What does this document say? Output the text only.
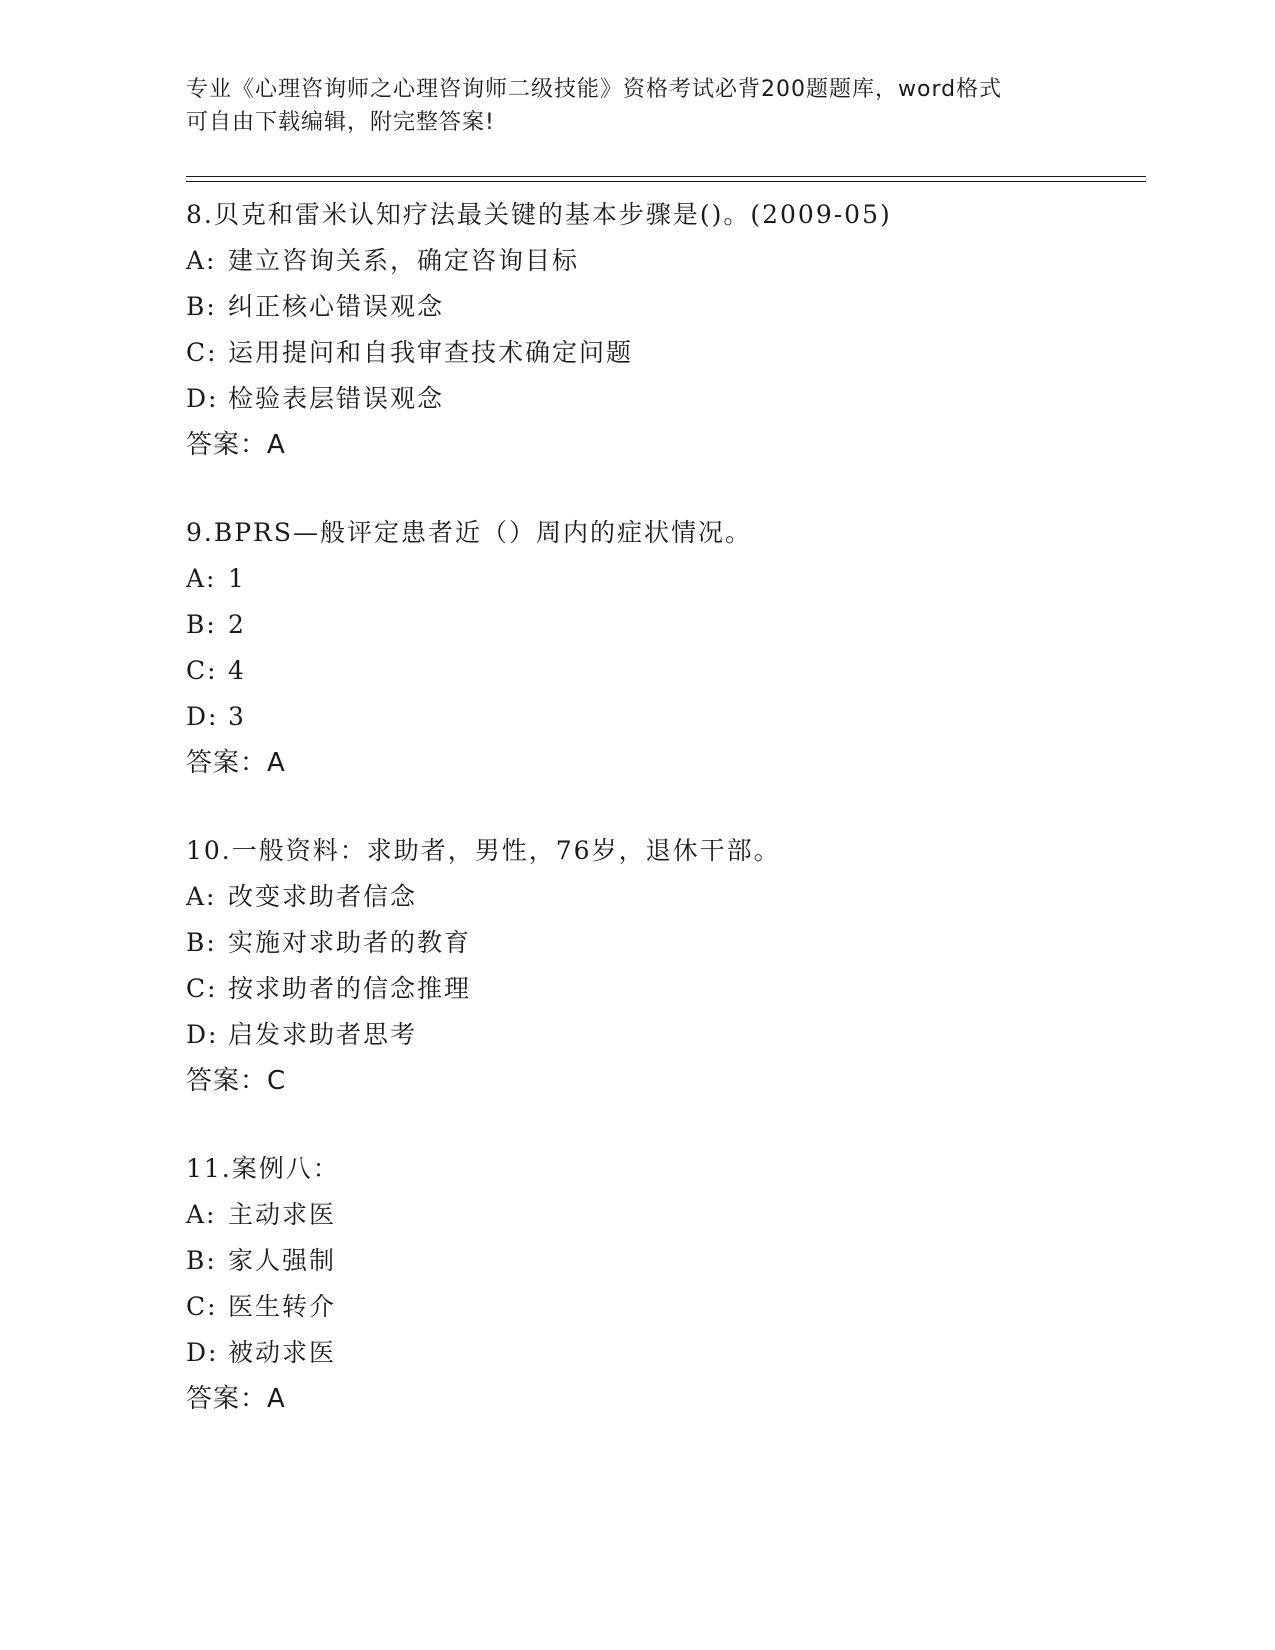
专业《心理咨询师之心理咨询师二级技能》资格考试必背200题题库，word格式
可自由下载编辑，附完整答案!
8.贝克和雷米认知疗法最关键的基本步骤是()。(2009-05)
A: 建立咨询关系，确定咨询目标
B: 纠正核心错误观念
C: 运用提问和自我审查技术确定问题
D: 检验表层错误观念
答案：A
9.BPRS—般评定患者近（）周内的症状情况。
A: 1
B: 2
C: 4
D: 3
答案：A
10.一般资料：求助者，男性，76岁，退休干部。
A: 改变求助者信念
B: 实施对求助者的教育
C: 按求助者的信念推理
D: 启发求助者思考
答案：C
11.案例八：
A: 主动求医
B: 家人强制
C: 医生转介
D: 被动求医
答案：A
